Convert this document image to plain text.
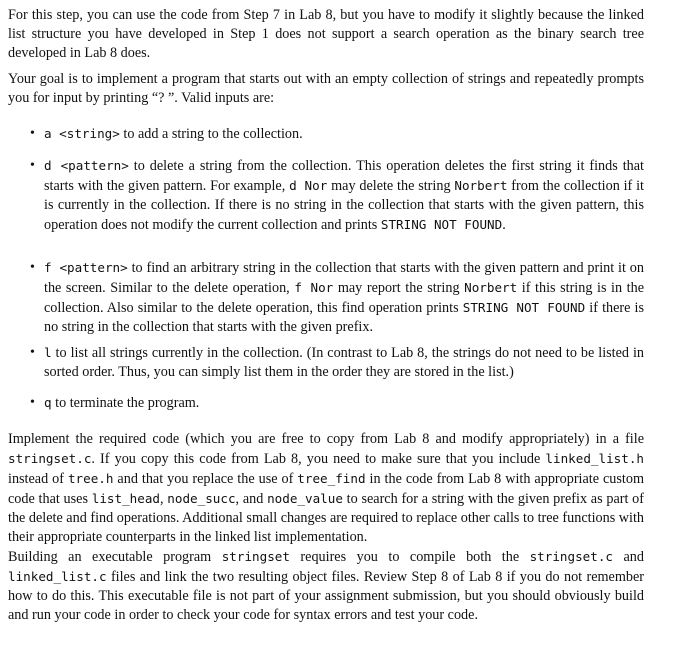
For this step, you can use the code from Step 7 in Lab 8, but you have to modify it slightly because the linked list structure you have developed in Step 1 does not support a search operation as the binary search tree developed in Lab 8 does.

Your goal is to implement a program that starts out with an empty collection of strings and repeatedly prompts you for input by printing “? ”. Valid inputs are:

• a <string> to add a string to the collection.
• d <pattern> to delete a string from the collection. This operation deletes the first string it finds that starts with the given pattern. For example, d Nor may delete the string Norbert from the collection if it is currently in the collection. If there is no string in the collection that starts with the given pattern, this operation does not modify the current collection and prints STRING NOT FOUND.
• f <pattern> to find an arbitrary string in the collection that starts with the given pattern and print it on the screen. Similar to the delete operation, f Nor may report the string Norbert if this string is in the collection. Also similar to the delete operation, this find operation prints STRING NOT FOUND if there is no string in the collection that starts with the given prefix.
• l to list all strings currently in the collection. (In contrast to Lab 8, the strings do not need to be listed in sorted order. Thus, you can simply list them in the order they are stored in the list.)
• q to terminate the program.

Implement the required code (which you are free to copy from Lab 8 and modify appropriately) in a file stringset.c. If you copy this code from Lab 8, you need to make sure that you include linked_list.h instead of tree.h and that you replace the use of tree_find in the code from Lab 8 with appropriate custom code that uses list_head, node_succ, and node_value to search for a string with the given prefix as part of the delete and find operations. Additional small changes are required to replace other calls to tree functions with their appropriate counterparts in the linked list implementation.

Building an executable program stringset requires you to compile both the stringset.c and linked_list.c files and link the two resulting object files. Review Step 8 of Lab 8 if you do not remember how to do this. This executable file is not part of your assignment submission, but you should obviously build and run your code in order to check your code for syntax errors and test your code.
